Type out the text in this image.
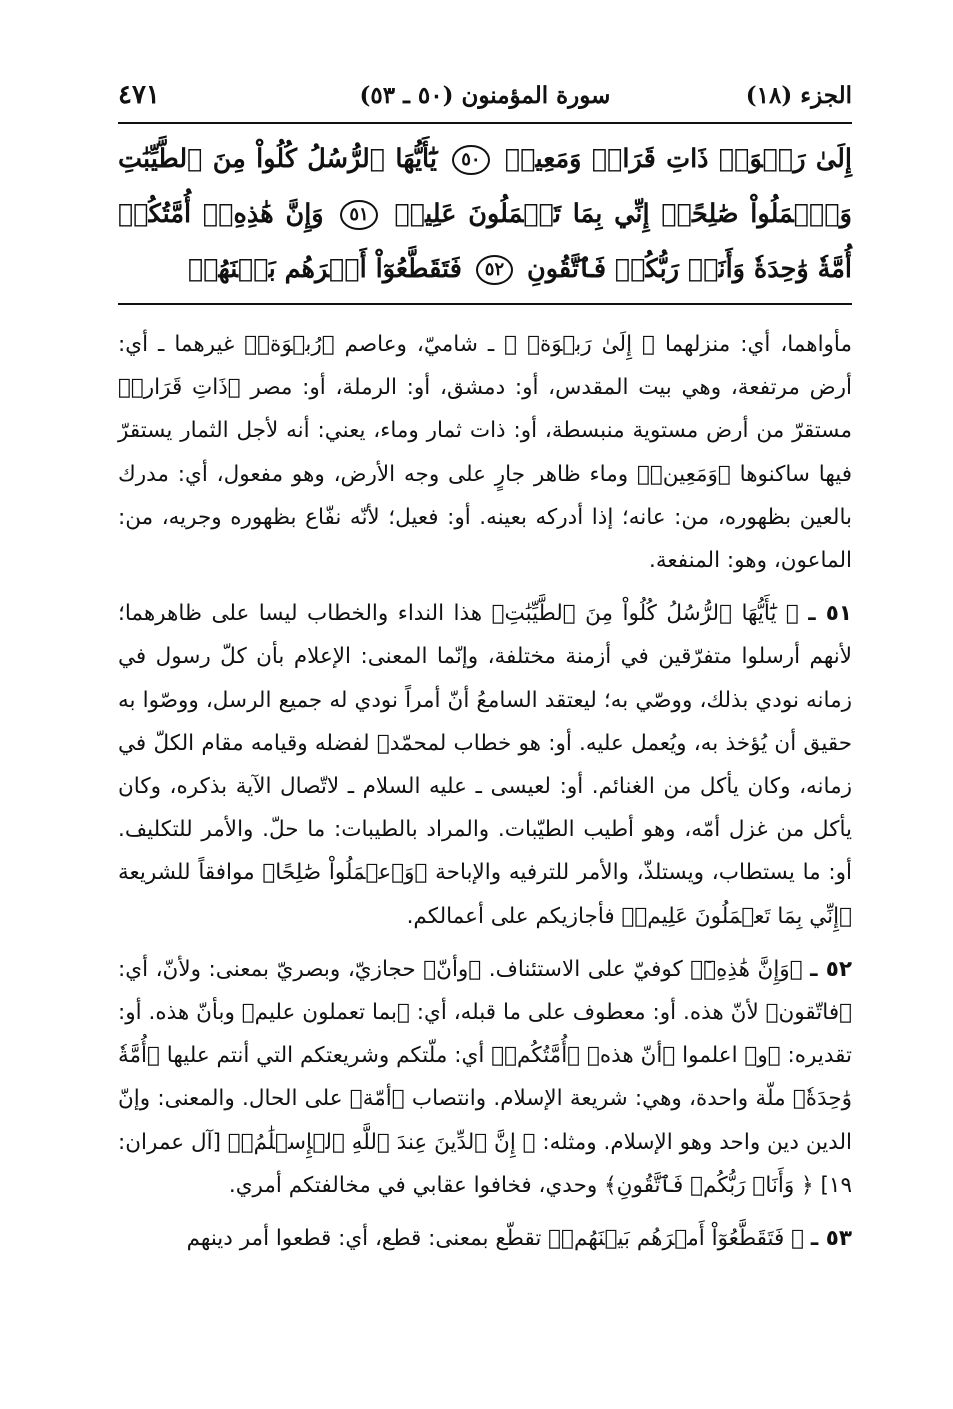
الجزء (١٨)
سورة المؤمنون (٥٠ ـ ٥٣)
٤٧١
إِلَىٰ رَبۡوَةٖ ذَاتِ قَرَارٖ وَمَعِينٖ ٥٠ يَٰٓأَيُّهَا ٱلرُّسُلُ كُلُواْ مِنَ ٱلطَّيِّبَٰتِ وَٱعۡمَلُواْ صَٰلِحًاۖ إِنِّي بِمَا تَعۡمَلُونَ عَلِيمٞ ٥١ وَإِنَّ هَٰذِهِۦٓ أُمَّتُكُمۡ أُمَّةٗ وَٰحِدَةٗ وَأَنَا۠ رَبُّكُمۡ فَٱتَّقُونِ ٥٢ فَتَقَطَّعُوٓاْ أَمۡرَهُم بَيۡنَهُمۡ

مأواهما، أي: منزلهما ﴿ إِلَىٰ رَبۡوَةٖ ﴾ ـ شاميّ، وعاصم ﴿رُبۡوَةٖ﴾ غيرهما ـ أي: أرض مرتفعة، وهي بيت المقدس، أو: دمشق، أو: الرملة، أو: مصر ﴿ذَاتِ قَرَارٖ﴾ مستقرّ من أرض مستوية منبسطة، أو: ذات ثمار وماء، يعني: أنه لأجل الثمار يستقرّ فيها ساكنوها ﴿وَمَعِينٖ﴾ وماء ظاهر جارٍ على وجه الأرض، وهو مفعول، أي: مدرك بالعين بظهوره، من: عانه؛ إذا أدركه بعينه. أو: فعيل؛ لأنّه نفّاع بظهوره وجريه، من: الماعون، وهو: المنفعة.

٥١ ـ ﴿ يَٰٓأَيُّهَا ٱلرُّسُلُ كُلُواْ مِنَ ٱلطَّيِّبَٰتِ﴾ هذا النداء والخطاب ليسا على ظاهرهما؛ لأنهم أرسلوا متفرّقين في أزمنة مختلفة، وإنّما المعنى: الإعلام بأن كلّ رسول في زمانه نودي بذلك، ووصّي به؛ ليعتقد السامعُ أنّ أمراً نودي له جميع الرسل، ووصّوا به حقيق أن يُؤخذ به، ويُعمل عليه. أو: هو خطاب لمحمّدﷺ لفضله وقيامه مقام الكلّ في زمانه، وكان يأكل من الغنائم. أو: لعيسى ـ عليه السلام ـ لاتّصال الآية بذكره، وكان يأكل من غزل أمّه، وهو أطيب الطيّبات. والمراد بالطيبات: ما حلّ. والأمر للتكليف. أو: ما يستطاب، ويستلذّ، والأمر للترفيه والإباحة ﴿وَٱعۡمَلُواْ صَٰلِحًا﴾ موافقاً للشريعة ﴿إِنِّي بِمَا تَعۡمَلُونَ عَلِيمٞ﴾ فأجازيكم على أعمالكم.

٥٢ ـ ﴿وَإِنَّ هَٰذِهِۦٓ﴾ كوفيّ على الاستئناف. ﴿وأنّ﴾ حجازيّ، وبصريّ بمعنى: ولأنّ، أي: ﴿فاتّقون﴾ لأنّ هذه. أو: معطوف على ما قبله، أي: ﴿بما تعملون عليم﴾ وبأنّ هذه. أو: تقديره: ﴿و﴾ اعلموا ﴿أنّ هذه﴾ ﴿أُمَّتُكُمۡ﴾ أي: ملّتكم وشريعتكم التي أنتم عليها ﴿أُمَّةٗ وَٰحِدَةٗ﴾ ملّة واحدة، وهي: شريعة الإسلام. وانتصاب ﴿أمّة﴾ على الحال. والمعنى: وإنّ الدين دين واحد وهو الإسلام. ومثله: ﴿ إِنَّ ٱلدِّينَ عِندَ ٱللَّهِ ٱلۡإِسۡلَٰمُۗ﴾ [آل عمران: ١٩] ﴿ وَأَنَا۠ رَبُّكُمۡ فَٱتَّقُونِ﴾ وحدي، فخافوا عقابي في مخالفتكم أمري.

٥٣ ـ ﴿ فَتَقَطَّعُوٓاْ أَمۡرَهُم بَيۡنَهُمۡ﴾ تقطّع بمعنى: قطع، أي: قطعوا أمر دينهم
